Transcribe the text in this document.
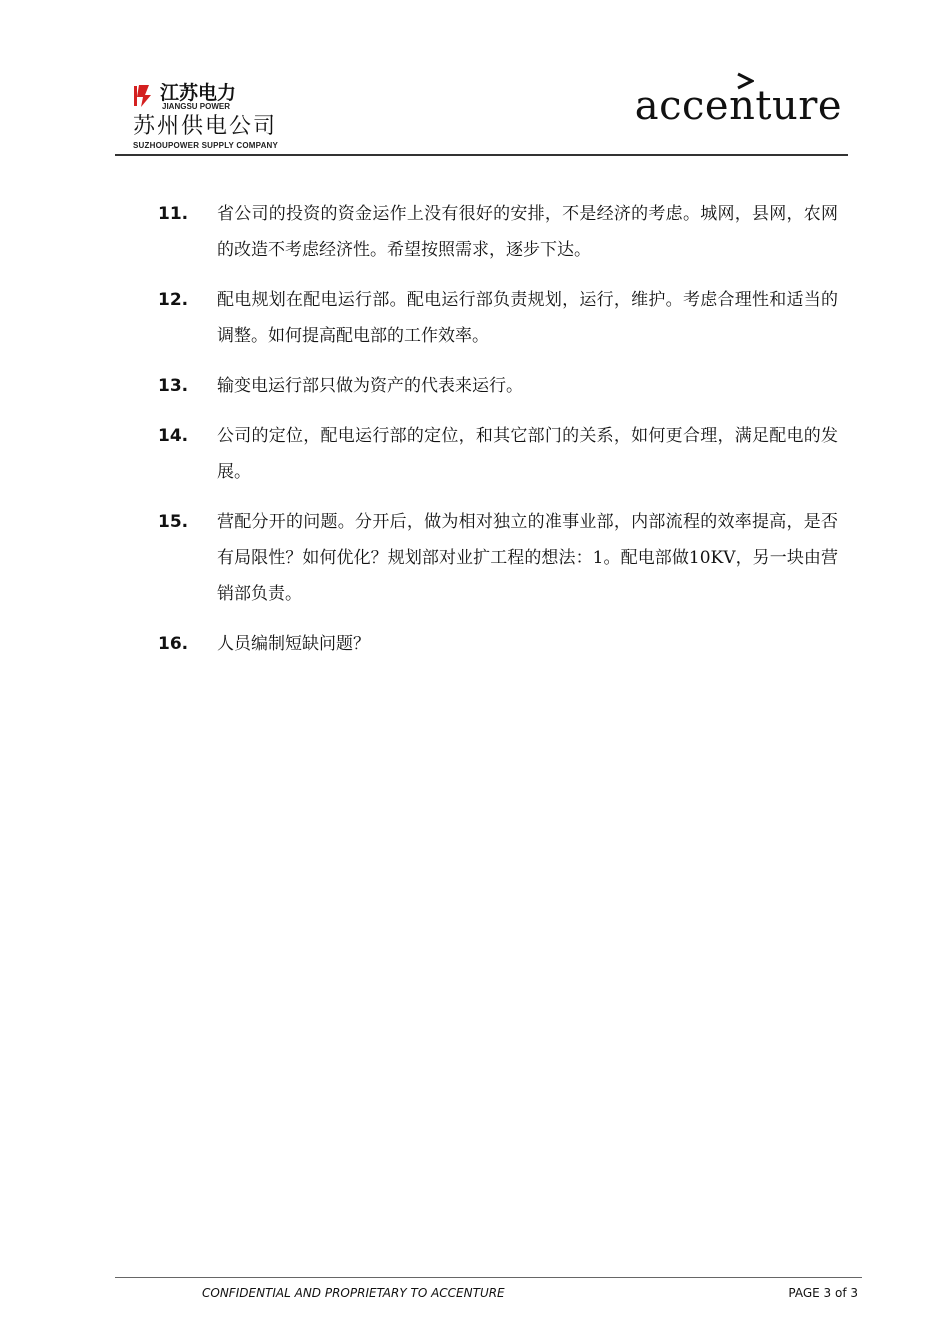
江苏电力
JIANGSU POWER
苏州供电公司
SUZHOUPOWER SUPPLY COMPANY
accenture
11.	省公司的投资的资金运作上没有很好的安排，不是经济的考虑。城网，县网，农网的改造不考虑经济性。希望按照需求，逐步下达。
12.	配电规划在配电运行部。配电运行部负责规划，运行，维护。考虑合理性和适当的调整。如何提高配电部的工作效率。
13.	输变电运行部只做为资产的代表来运行。
14.	公司的定位，配电运行部的定位，和其它部门的关系，如何更合理，满足配电的发展。
15.	营配分开的问题。分开后，做为相对独立的准事业部，内部流程的效率提高，是否有局限性？如何优化？规划部对业扩工程的想法：1。配电部做10KV，另一块由营销部负责。
16.	人员编制短缺问题？
CONFIDENTIAL AND PROPRIETARY TO ACCENTURE	PAGE 3 of 3
